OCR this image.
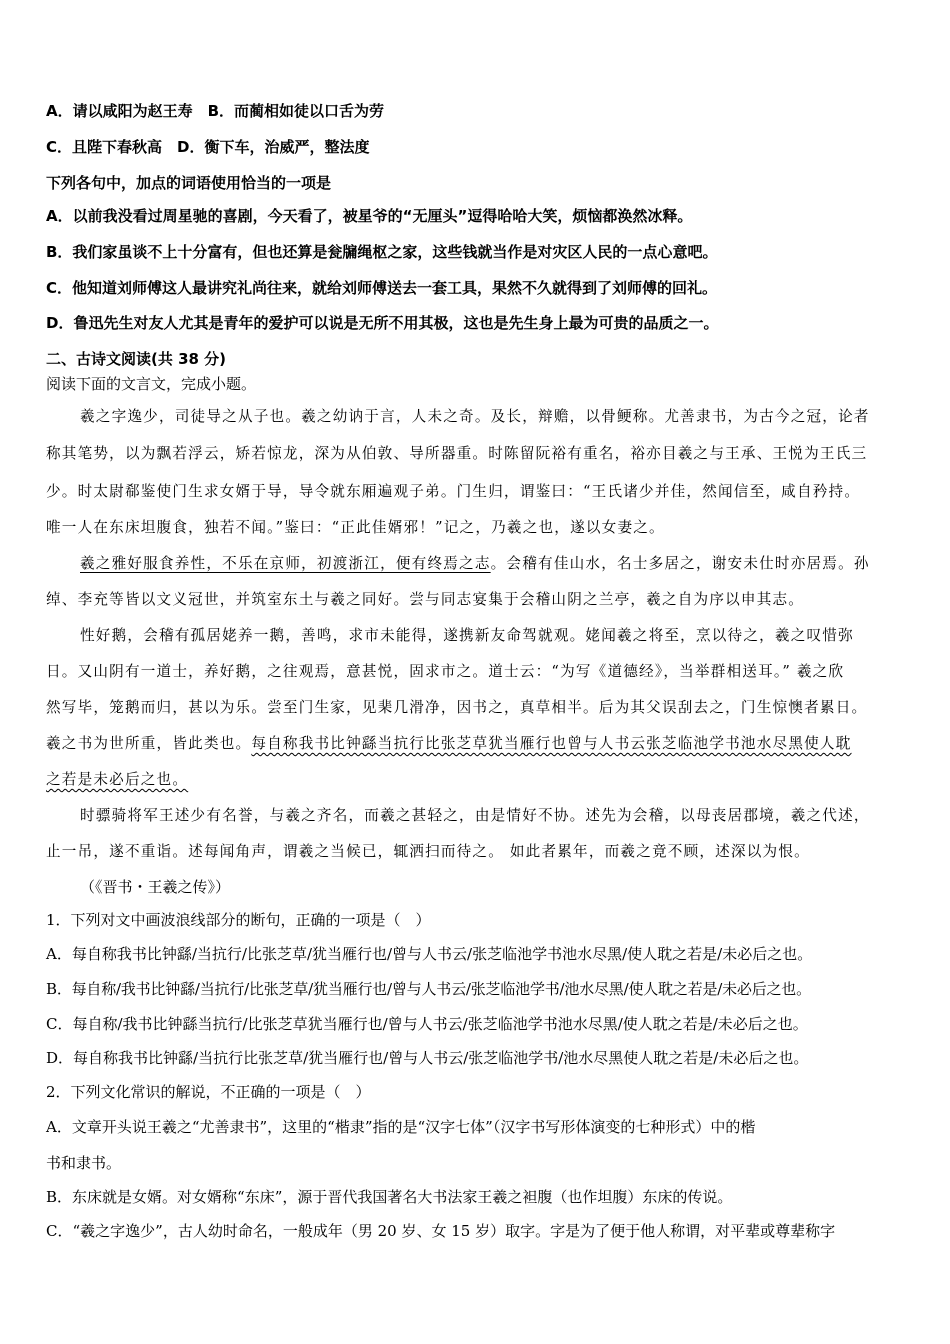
A．请以咸阳为赵王寿　B．而蔺相如徒以口舌为劳
C．且陛下春秋高　D．衡下车，治威严，整法度
下列各句中，加点的词语使用恰当的一项是
A．以前我没看过周星驰的喜剧，今天看了，被星爷的“无厘头”逗得哈哈大笑，烦恼都涣然冰释。
B．我们家虽谈不上十分富有，但也还算是瓮牖绳枢之家，这些钱就当作是对灾区人民的一点心意吧。
C．他知道刘师傅这人最讲究礼尚往来，就给刘师傅送去一套工具，果然不久就得到了刘师傅的回礼。
D．鲁迅先生对友人尤其是青年的爱护可以说是无所不用其极，这也是先生身上最为可贵的品质之一。
二、古诗文阅读(共 38 分)
阅读下面的文言文，完成小题。
羲之字逸少，司徒导之从子也。羲之幼讷于言，人未之奇。及长，辩赡，以骨鲠称。尤善隶书，为古今之冠，论者
称其笔势，以为飘若浮云，矫若惊龙，深为从伯敦、导所器重。时陈留阮裕有重名，裕亦目羲之与王承、王悦为王氏三
少。时太尉郗鉴使门生求女婿于导，导令就东厢遍观子弟。门生归，谓鉴曰：“王氏诸少并佳，然闻信至，咸自矜持。
唯一人在东床坦腹食，独若不闻。”鉴曰：“正此佳婿邪！”记之，乃羲之也，遂以女妻之。
羲之雅好服食养性，不乐在京师，初渡浙江，便有终焉之志。会稽有佳山水，名士多居之，谢安未仕时亦居焉。孙
绰、李充等皆以文义冠世，并筑室东土与羲之同好。尝与同志宴集于会稽山阴之兰亭，羲之自为序以申其志。
性好鹅，会稽有孤居姥养一鹅，善鸣，求市未能得，遂携新友命驾就观。姥闻羲之将至，烹以待之，羲之叹惜弥
日。又山阴有一道士，养好鹅，之往观焉，意甚悦，固求市之。道士云：“为写《道德经》，当举群相送耳。” 羲之欣
然写毕，笼鹅而归，甚以为乐。尝至门生家，见棐几滑净，因书之，真草相半。后为其父误刮去之，门生惊懊者累日。
羲之书为世所重，皆此类也。每自称我书比钟繇当抗行比张芝草犹当雁行也曾与人书云张芝临池学书池水尽黑使人耽
之若是未必后之也。
时骠骑将军王述少有名誉，与羲之齐名，而羲之甚轻之，由是情好不协。述先为会稽，以母丧居郡境，羲之代述，
止一吊，遂不重诣。述每闻角声，谓羲之当候已，辄洒扫而待之。 如此者累年，而羲之竟不顾，述深以为恨。
（《晋书・王羲之传》）
1．下列对文中画波浪线部分的断句，正确的一项是（　）
A．每自称我书比钟繇/当抗行/比张芝草/犹当雁行也/曾与人书云/张芝临池学书池水尽黑/使人耽之若是/未必后之也。
B．每自称/我书比钟繇/当抗行/比张芝草/犹当雁行也/曾与人书云/张芝临池学书/池水尽黑/使人耽之若是/未必后之也。
C．每自称/我书比钟繇当抗行/比张芝草犹当雁行也/曾与人书云/张芝临池学书池水尽黑/使人耽之若是/未必后之也。
D．每自称我书比钟繇/当抗行比张芝草/犹当雁行也/曾与人书云/张芝临池学书/池水尽黑使人耽之若是/未必后之也。
2．下列文化常识的解说，不正确的一项是（　）
A．文章开头说王羲之“尤善隶书”，这里的“楷隶”指的是“汉字七体”（汉字书写形体演变的七种形式）中的楷
书和隶书。
B．东床就是女婿。对女婿称“东床”，源于晋代我国著名大书法家王羲之袒腹（也作坦腹）东床的传说。
C．“羲之字逸少”，古人幼时命名，一般成年（男 20 岁、女 15 岁）取字。字是为了便于他人称谓，对平辈或尊辈称字
